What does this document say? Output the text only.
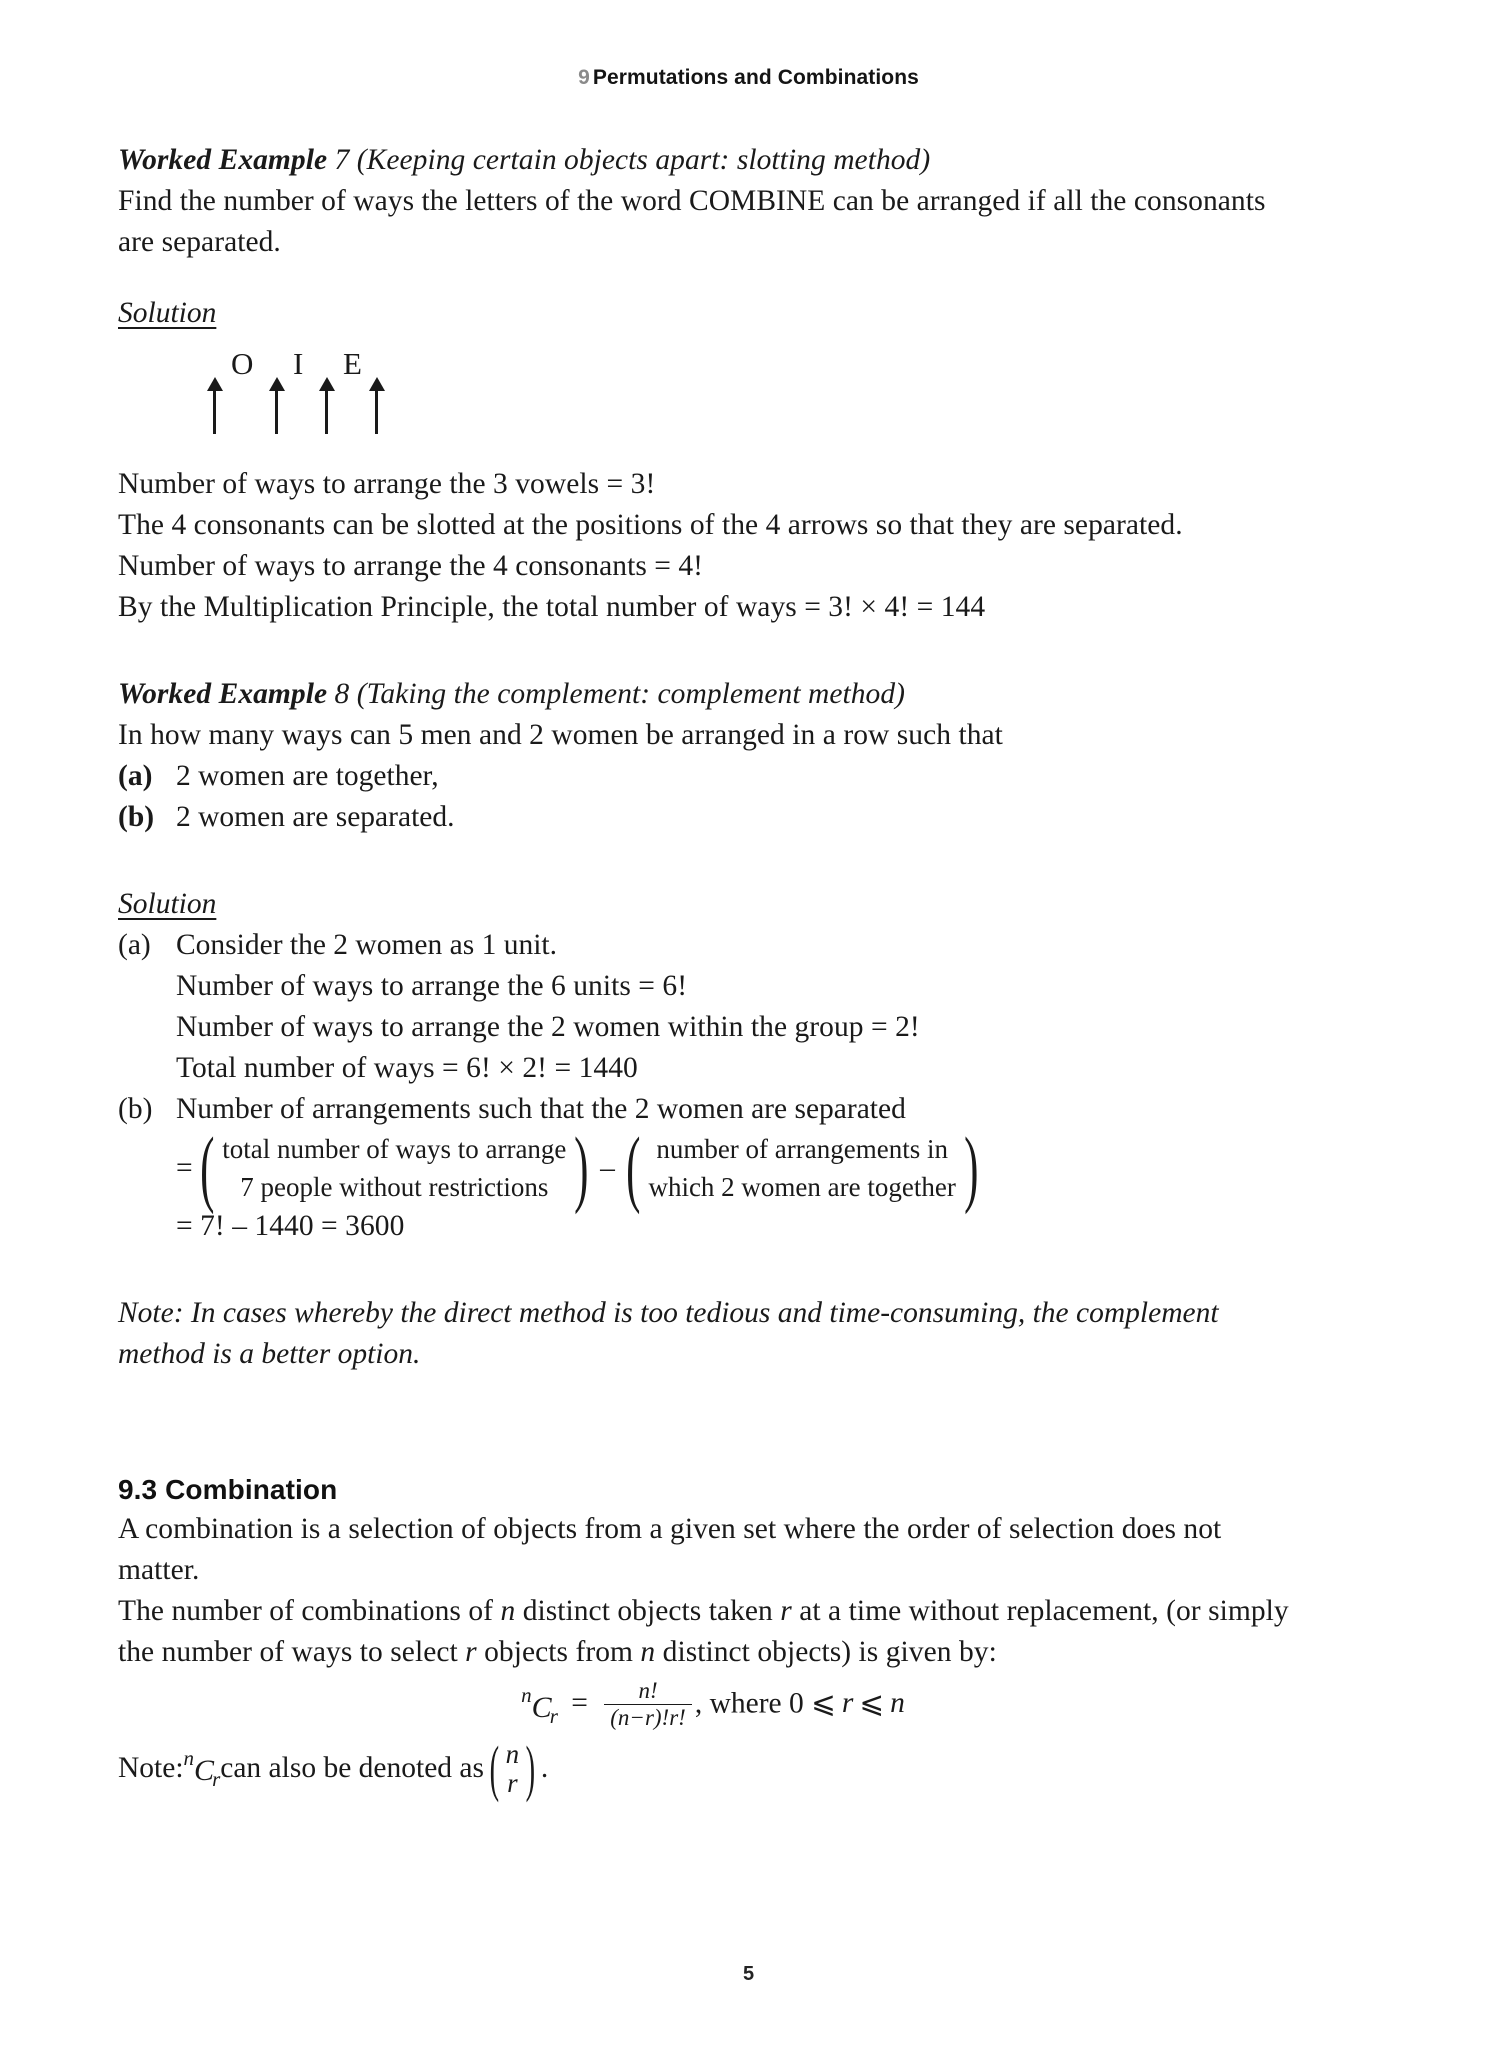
9 Permutations and Combinations
Worked Example 7 (Keeping certain objects apart: slotting method)
Find the number of ways the letters of the word COMBINE can be arranged if all the consonants
are separated.
Solution
O I E
Number of ways to arrange the 3 vowels = 3!
The 4 consonants can be slotted at the positions of the 4 arrows so that they are separated.
Number of ways to arrange the 4 consonants = 4!
By the Multiplication Principle, the total number of ways = 3! × 4! = 144
Worked Example 8 (Taking the complement: complement method)
In how many ways can 5 men and 2 women be arranged in a row such that
(a) 2 women are together,
(b) 2 women are separated.
Solution
(a) Consider the 2 women as 1 unit.
Number of ways to arrange the 6 units = 6!
Number of ways to arrange the 2 women within the group = 2!
Total number of ways = 6! × 2! = 1440
(b) Number of arrangements such that the 2 women are separated
= ( total number of ways to arrange
7 people without restrictions ) – ( number of arrangements in
which 2 women are together )
= 7! – 1440 = 3600
Note: In cases whereby the direct method is too tedious and time-consuming, the complement
method is a better option.
9.3 Combination
A combination is a selection of objects from a given set where the order of selection does not
matter.
The number of combinations of n distinct objects taken r at a time without replacement, (or simply
the number of ways to select r objects from n distinct objects) is given by:
$^nC_r = \frac{n!}{(n-r)!r!}$ , where 0 ⩽ r ⩽ n
Note: $^nC_r$ can also be denoted as ( n
r ) .
5
